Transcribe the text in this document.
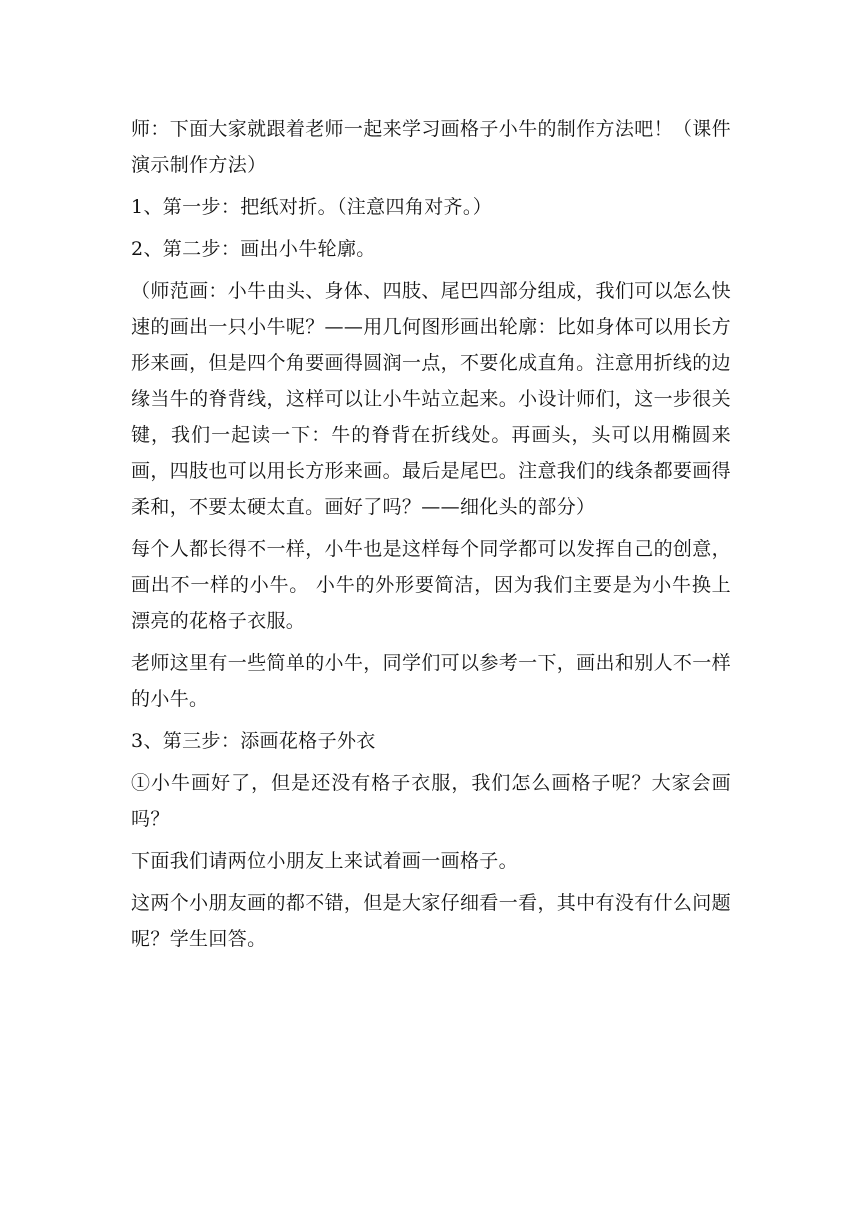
师：下面大家就跟着老师一起来学习画格子小牛的制作方法吧！（课件演示制作方法）

1、第一步：把纸对折。（注意四角对齐。）

2、第二步：画出小牛轮廓。

（师范画：小牛由头、身体、四肢、尾巴四部分组成，我们可以怎么快速的画出一只小牛呢？——用几何图形画出轮廓：比如身体可以用长方形来画，但是四个角要画得圆润一点，不要化成直角。注意用折线的边缘当牛的脊背线，这样可以让小牛站立起来。小设计师们，这一步很关键，我们一起读一下：牛的脊背在折线处。再画头，头可以用椭圆来画，四肢也可以用长方形来画。最后是尾巴。注意我们的线条都要画得柔和，不要太硬太直。画好了吗？——细化头的部分）

每个人都长得不一样，小牛也是这样每个同学都可以发挥自己的创意，画出不一样的小牛。 小牛的外形要简洁，因为我们主要是为小牛换上漂亮的花格子衣服。

老师这里有一些简单的小牛，同学们可以参考一下，画出和别人不一样的小牛。

3、第三步：添画花格子外衣

①小牛画好了，但是还没有格子衣服，我们怎么画格子呢？大家会画吗？

下面我们请两位小朋友上来试着画一画格子。

这两个小朋友画的都不错，但是大家仔细看一看，其中有没有什么问题呢？学生回答。
